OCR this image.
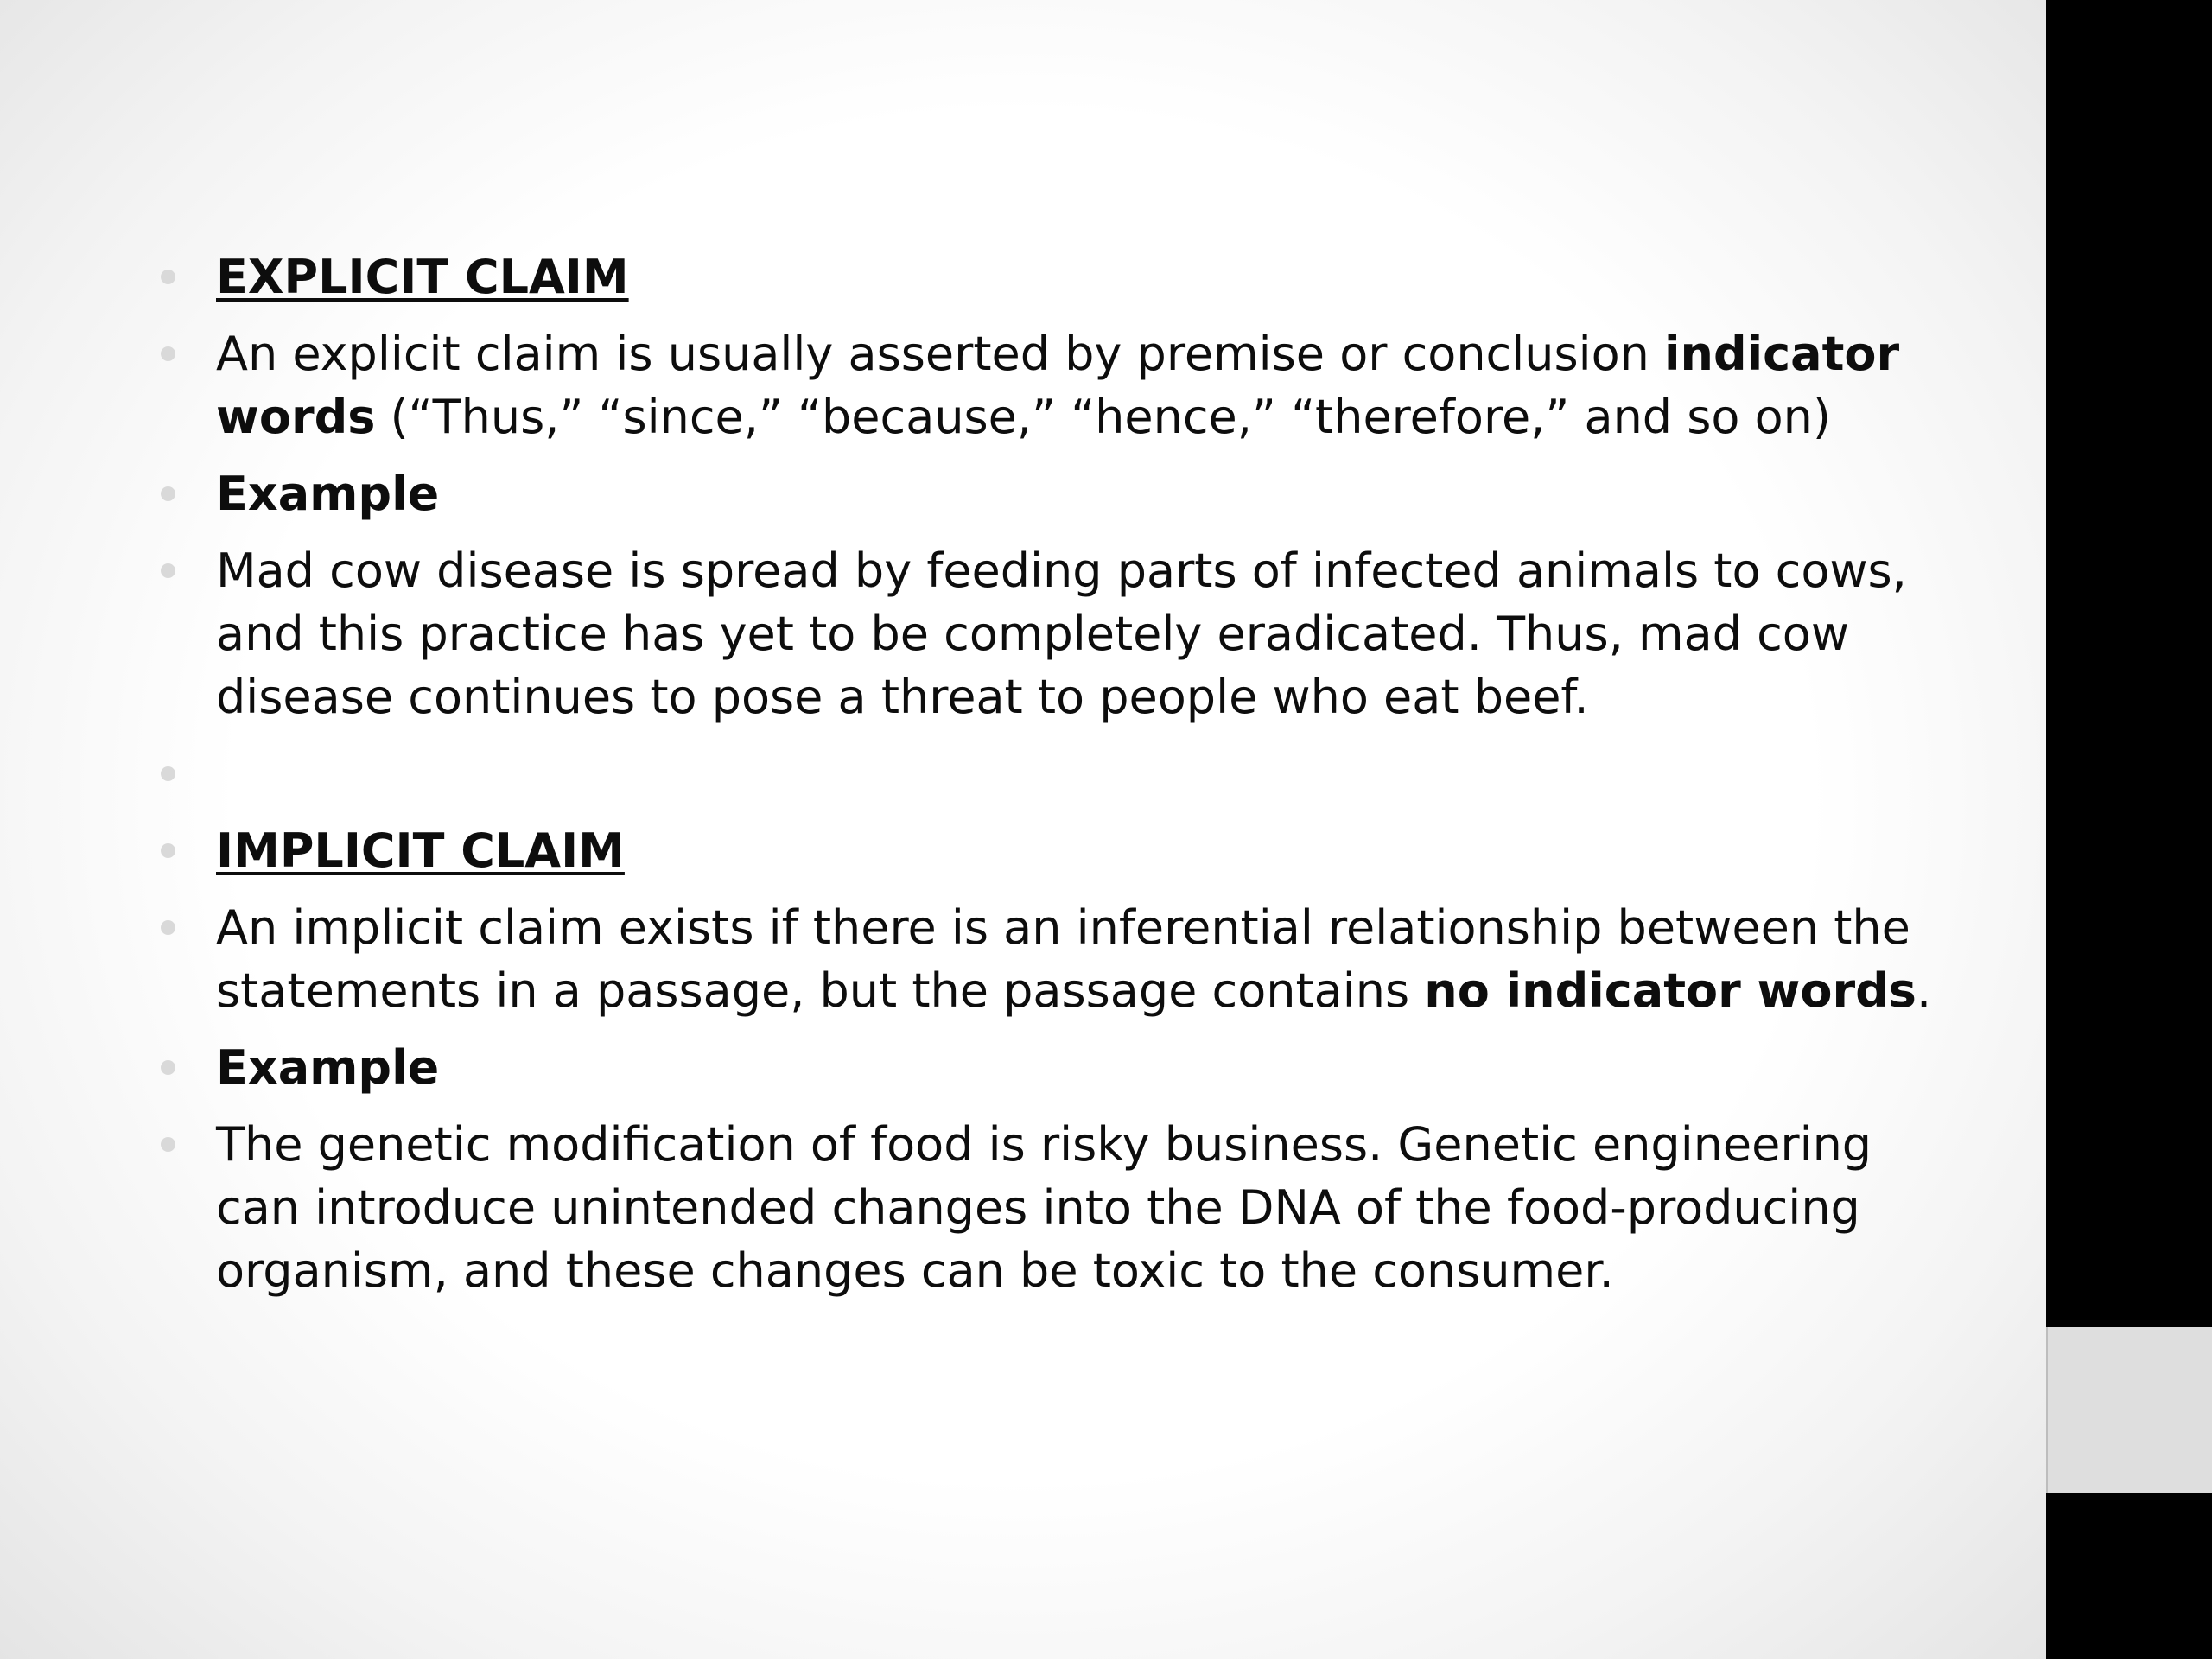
EXPLICIT CLAIM
An explicit claim is usually asserted by premise or conclusion indicator words (“Thus,” “since,” “because,” “hence,” “therefore,” and so on)
Example
Mad cow disease is spread by feeding parts of infected animals to cows, and this practice has yet to be completely eradicated. Thus, mad cow disease continues to pose a threat to people who eat beef.
IMPLICIT CLAIM
An implicit claim exists if there is an inferential relationship between the statements in a passage, but the passage contains no indicator words.
Example
The genetic modification of food is risky business. Genetic engineering can introduce unintended changes into the DNA of the food-producing organism, and these changes can be toxic to the consumer.
